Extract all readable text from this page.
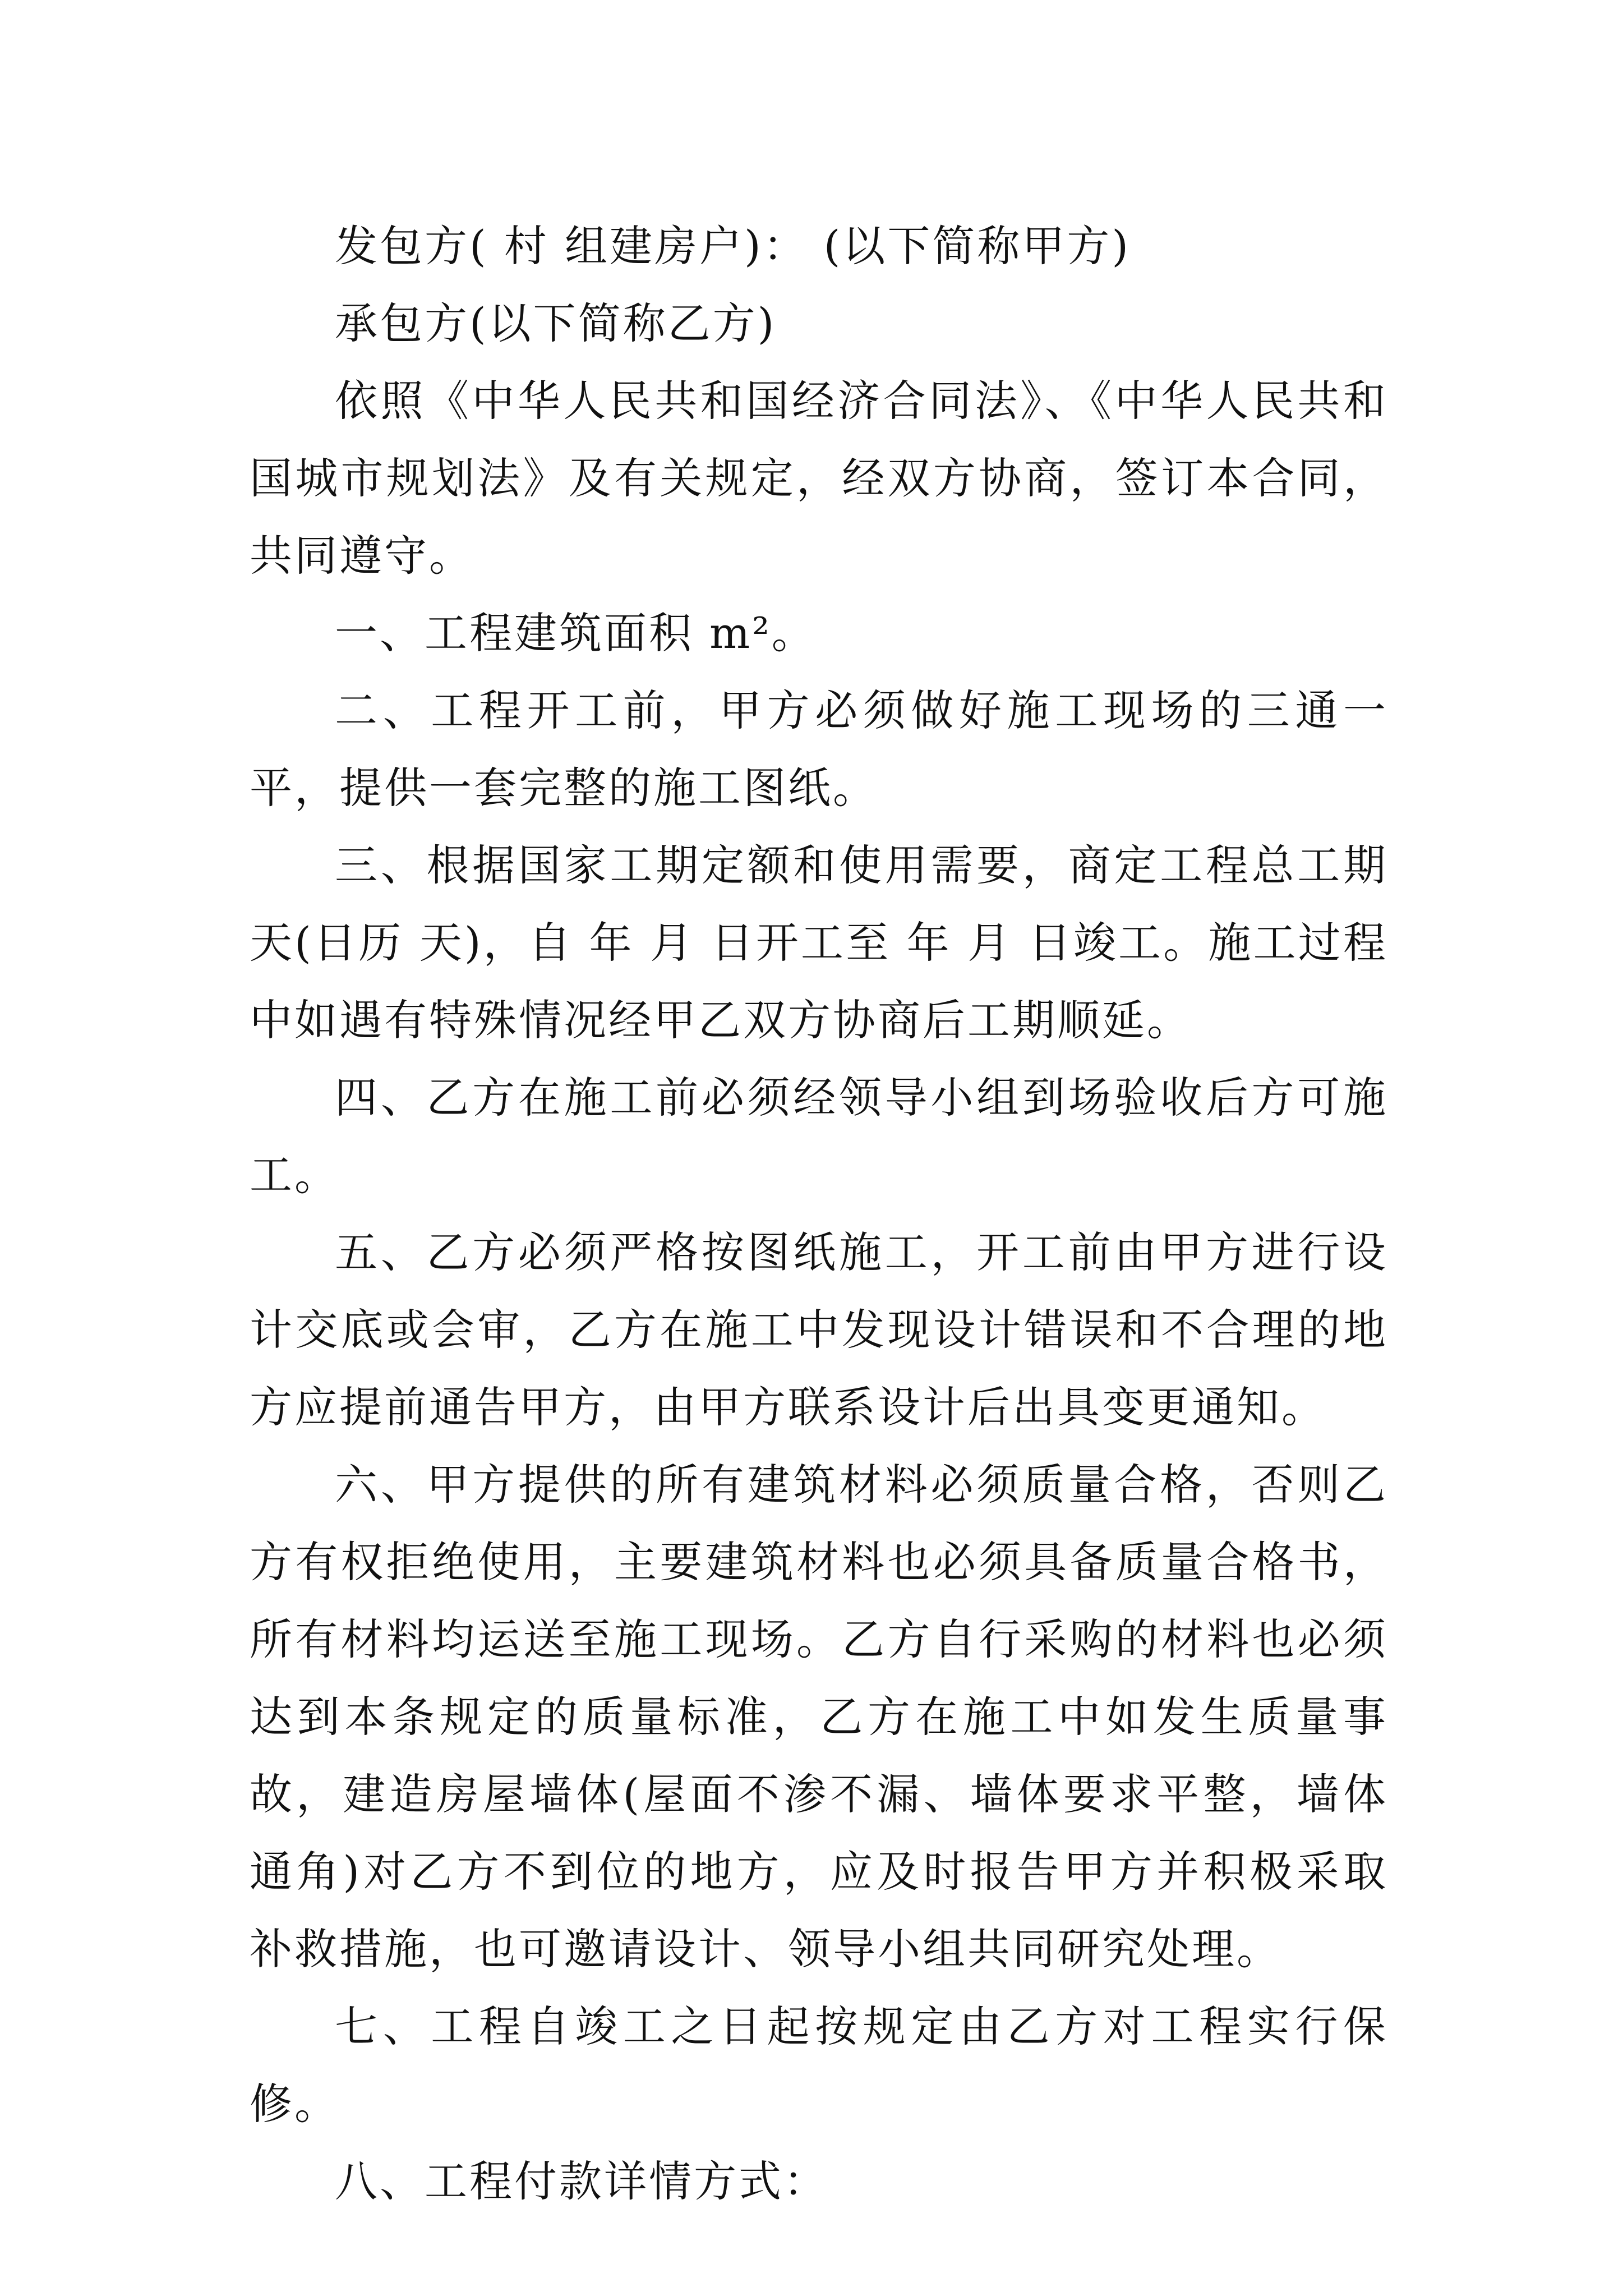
发包方( 村 组建房户)： (以下简称甲方)

承包方(以下简称乙方)

依照《中华人民共和国经济合同法》、《中华人民共和国城市规划法》及有关规定，经双方协商，签订本合同，共同遵守。

一、工程建筑面积 m²。

二、工程开工前，甲方必须做好施工现场的三通一平，提供一套完整的施工图纸。

三、根据国家工期定额和使用需要，商定工程总工期 天(日历 天)，自 年 月 日开工至 年 月 日竣工。施工过程中如遇有特殊情况经甲乙双方协商后工期顺延。

四、乙方在施工前必须经领导小组到场验收后方可施工。

五、乙方必须严格按图纸施工，开工前由甲方进行设计交底或会审，乙方在施工中发现设计错误和不合理的地方应提前通告甲方，由甲方联系设计后出具变更通知。

六、甲方提供的所有建筑材料必须质量合格，否则乙方有权拒绝使用，主要建筑材料也必须具备质量合格书，所有材料均运送至施工现场。乙方自行采购的材料也必须达到本条规定的质量标准，乙方在施工中如发生质量事故，建造房屋墙体(屋面不渗不漏、墙体要求平整，墙体通角)对乙方不到位的地方，应及时报告甲方并积极采取补救措施，也可邀请设计、领导小组共同研究处理。

七、工程自竣工之日起按规定由乙方对工程实行保修。

八、工程付款详情方式：
